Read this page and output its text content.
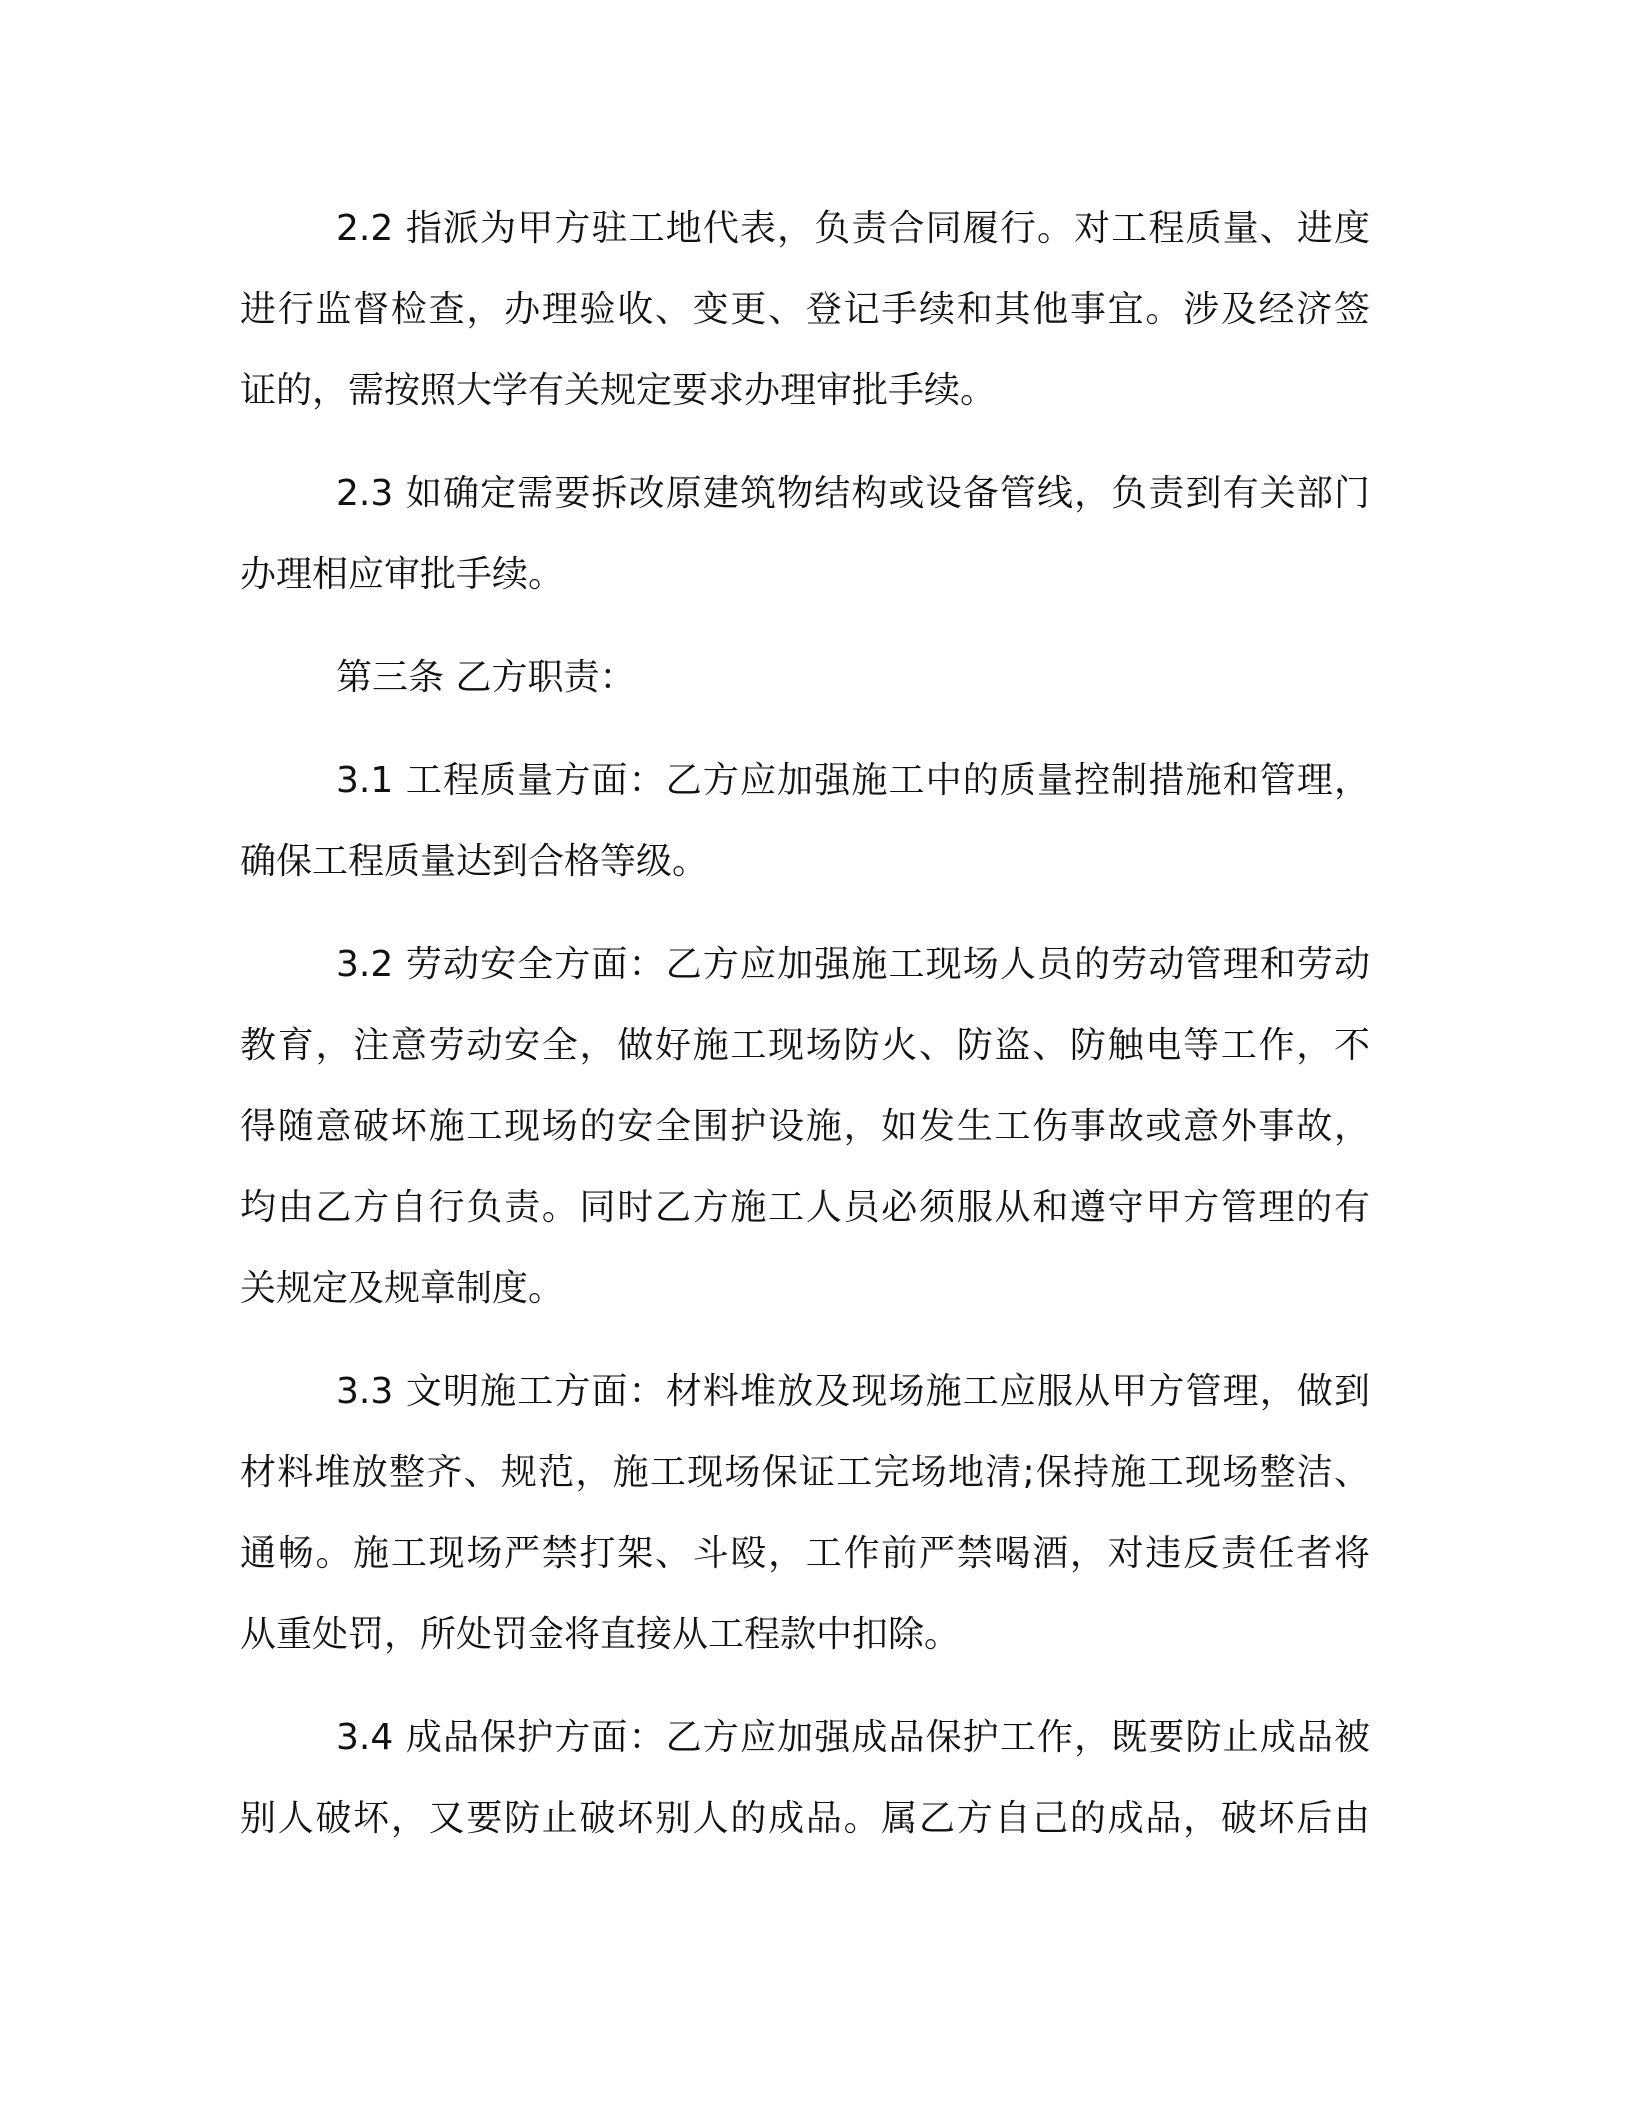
2.2 指派为甲方驻工地代表，负责合同履行。对工程质量、进度
进行监督检查，办理验收、变更、登记手续和其他事宜。涉及经济签
证的，需按照大学有关规定要求办理审批手续。
2.3 如确定需要拆改原建筑物结构或设备管线，负责到有关部门
办理相应审批手续。
第三条 乙方职责：
3.1 工程质量方面：乙方应加强施工中的质量控制措施和管理，
确保工程质量达到合格等级。
3.2 劳动安全方面：乙方应加强施工现场人员的劳动管理和劳动
教育，注意劳动安全，做好施工现场防火、防盗、防触电等工作，不
得随意破坏施工现场的安全围护设施，如发生工伤事故或意外事故，
均由乙方自行负责。同时乙方施工人员必须服从和遵守甲方管理的有
关规定及规章制度。
3.3 文明施工方面：材料堆放及现场施工应服从甲方管理，做到
材料堆放整齐、规范，施工现场保证工完场地清;保持施工现场整洁、
通畅。施工现场严禁打架、斗殴，工作前严禁喝酒，对违反责任者将
从重处罚，所处罚金将直接从工程款中扣除。
3.4 成品保护方面：乙方应加强成品保护工作，既要防止成品被
别人破坏，又要防止破坏别人的成品。属乙方自己的成品，破坏后由
